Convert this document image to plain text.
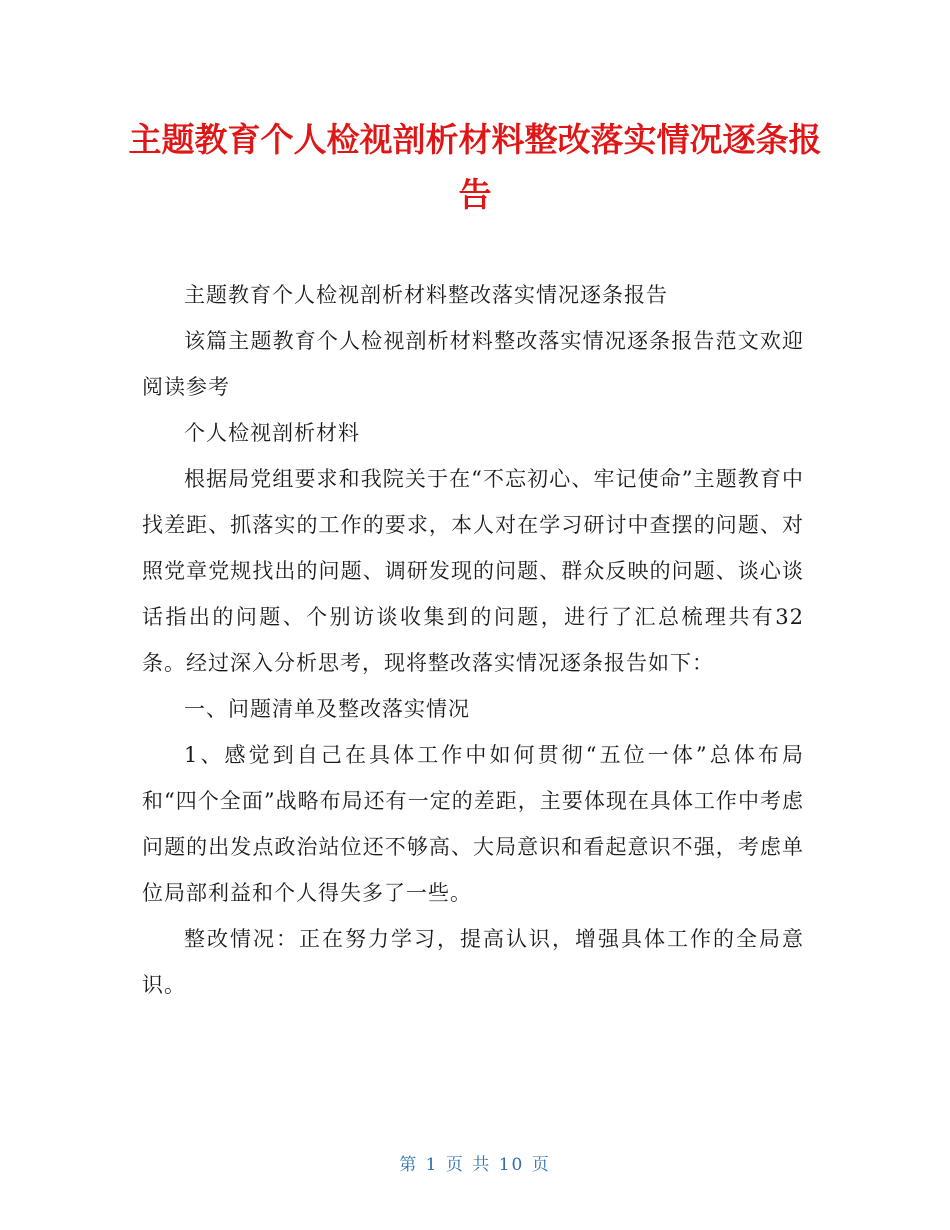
主题教育个人检视剖析材料整改落实情况逐条报告

主题教育个人检视剖析材料整改落实情况逐条报告

该篇主题教育个人检视剖析材料整改落实情况逐条报告范文欢迎阅读参考

个人检视剖析材料

根据局党组要求和我院关于在“不忘初心、牢记使命”主题教育中找差距、抓落实的工作的要求，本人对在学习研讨中查摆的问题、对照党章党规找出的问题、调研发现的问题、群众反映的问题、谈心谈话指出的问题、个别访谈收集到的问题，进行了汇总梳理共有32条。经过深入分析思考，现将整改落实情况逐条报告如下：

一、问题清单及整改落实情况

1、感觉到自己在具体工作中如何贯彻“五位一体”总体布局和“四个全面”战略布局还有一定的差距，主要体现在具体工作中考虑问题的出发点政治站位还不够高、大局意识和看起意识不强，考虑单位局部利益和个人得失多了一些。

整改情况：正在努力学习，提高认识，增强具体工作的全局意识。

第 1 页 共 10 页
